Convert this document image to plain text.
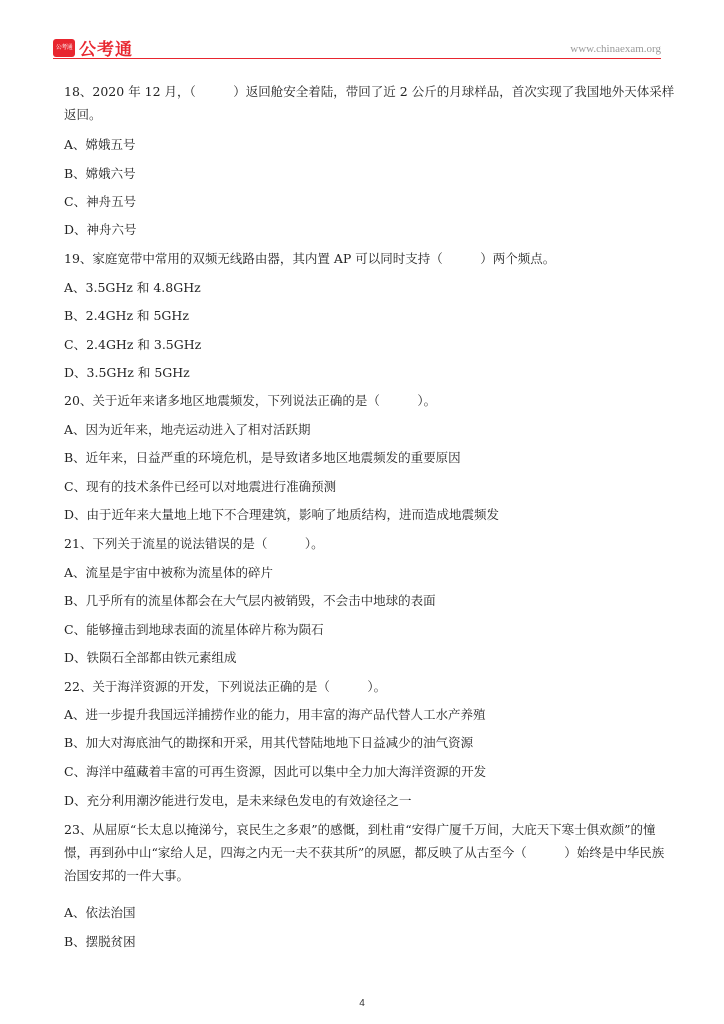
公考通 公考通	www.chinaexam.org
18、2020 年 12 月，（　　　）返回舱安全着陆，带回了近 2 公斤的月球样品，首次实现了我国地外天体采样返回。
A、嫦娥五号
B、嫦娥六号
C、神舟五号
D、神舟六号
19、家庭宽带中常用的双频无线路由器，其内置 AP 可以同时支持（　　　）两个频点。
A、3.5GHz 和 4.8GHz
B、2.4GHz 和 5GHz
C、2.4GHz 和 3.5GHz
D、3.5GHz 和 5GHz
20、关于近年来诸多地区地震频发，下列说法正确的是（　　　）。
A、因为近年来，地壳运动进入了相对活跃期
B、近年来，日益严重的环境危机，是导致诸多地区地震频发的重要原因
C、现有的技术条件已经可以对地震进行准确预测
D、由于近年来大量地上地下不合理建筑，影响了地质结构，进而造成地震频发
21、下列关于流星的说法错误的是（　　　）。
A、流星是宇宙中被称为流星体的碎片
B、几乎所有的流星体都会在大气层内被销毁，不会击中地球的表面
C、能够撞击到地球表面的流星体碎片称为陨石
D、铁陨石全部都由铁元素组成
22、关于海洋资源的开发，下列说法正确的是（　　　）。
A、进一步提升我国远洋捕捞作业的能力，用丰富的海产品代替人工水产养殖
B、加大对海底油气的勘探和开采，用其代替陆地地下日益减少的油气资源
C、海洋中蕴藏着丰富的可再生资源，因此可以集中全力加大海洋资源的开发
D、充分利用潮汐能进行发电，是未来绿色发电的有效途径之一
23、从屈原“长太息以掩涕兮，哀民生之多艰”的感慨，到杜甫“安得广厦千万间，大庇天下寒士俱欢颜”的憧憬，再到孙中山“家给人足，四海之内无一夫不获其所”的夙愿，都反映了从古至今（　　　）始终是中华民族治国安邦的一件大事。
A、依法治国
B、摆脱贫困
4
